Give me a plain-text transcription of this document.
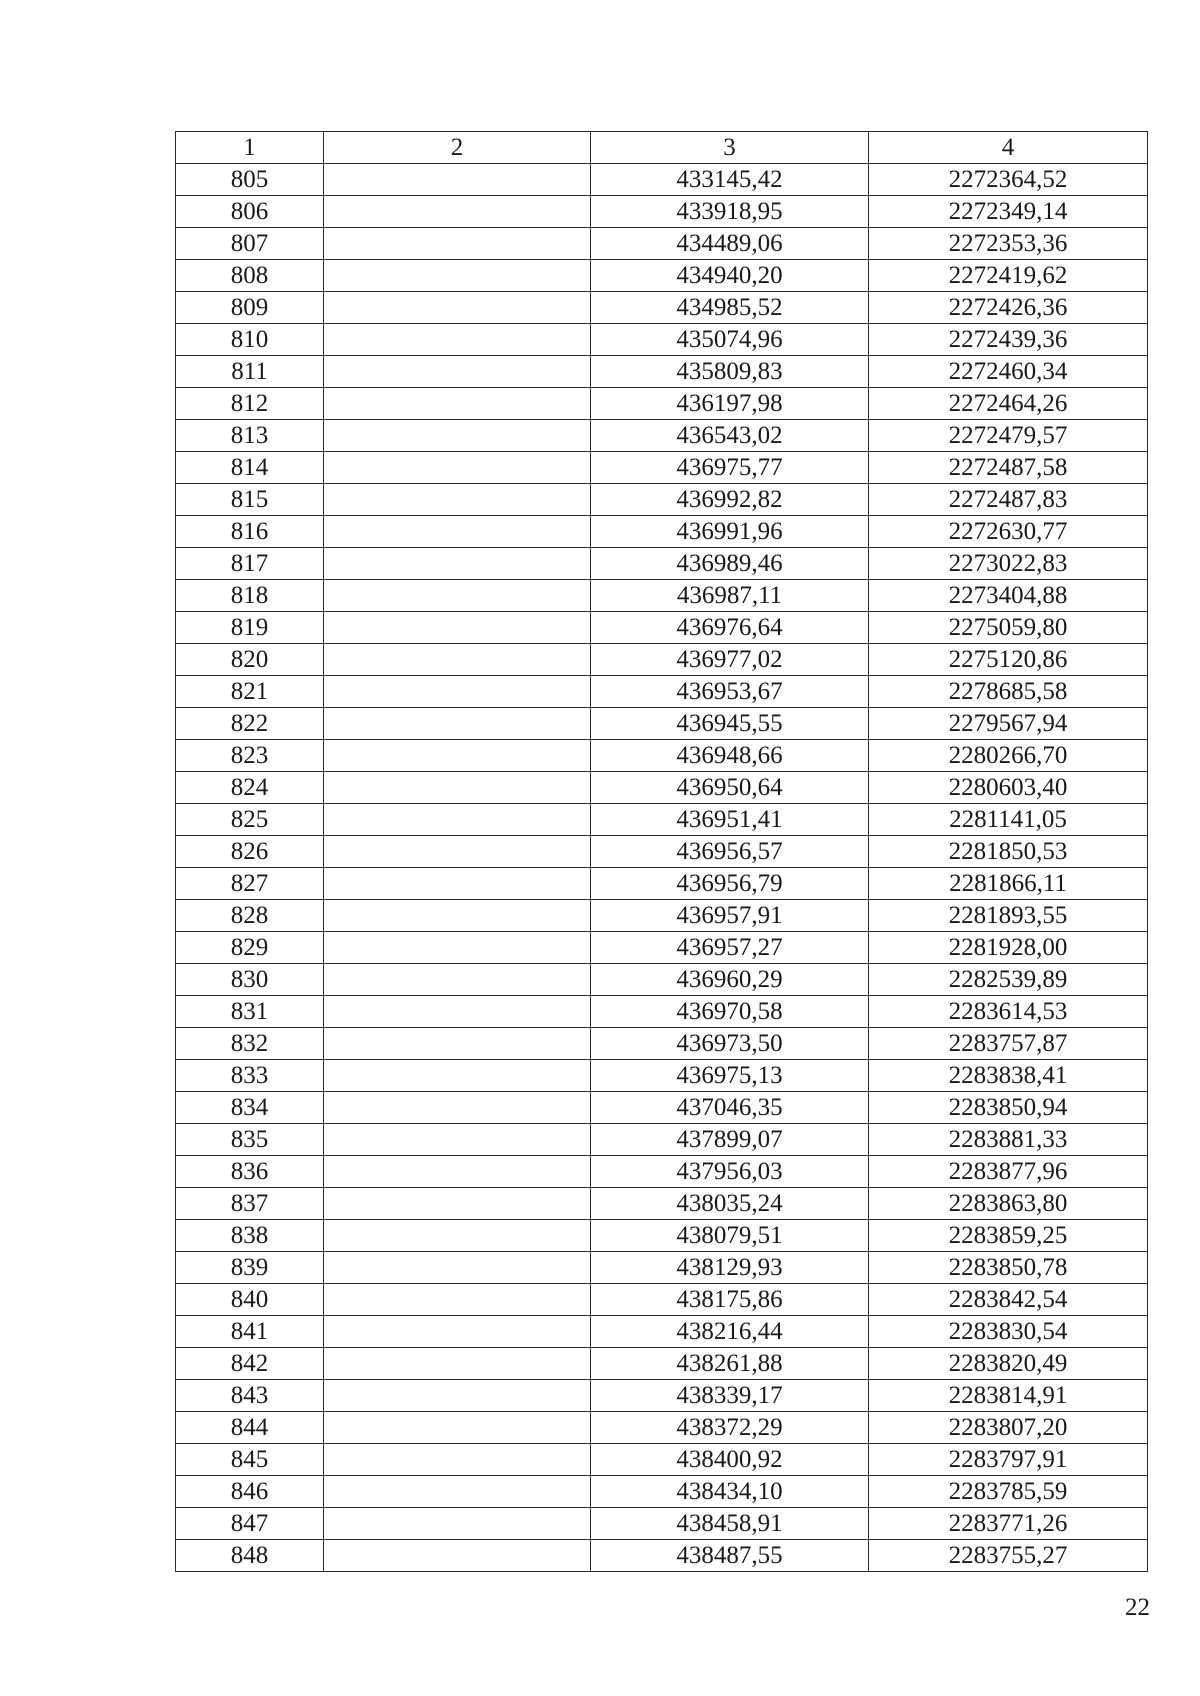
1	2	3	4
805		433145,42	2272364,52
806		433918,95	2272349,14
807		434489,06	2272353,36
808		434940,20	2272419,62
809		434985,52	2272426,36
810		435074,96	2272439,36
811		435809,83	2272460,34
812		436197,98	2272464,26
813		436543,02	2272479,57
814		436975,77	2272487,58
815		436992,82	2272487,83
816		436991,96	2272630,77
817		436989,46	2273022,83
818		436987,11	2273404,88
819		436976,64	2275059,80
820		436977,02	2275120,86
821		436953,67	2278685,58
822		436945,55	2279567,94
823		436948,66	2280266,70
824		436950,64	2280603,40
825		436951,41	2281141,05
826		436956,57	2281850,53
827		436956,79	2281866,11
828		436957,91	2281893,55
829		436957,27	2281928,00
830		436960,29	2282539,89
831		436970,58	2283614,53
832		436973,50	2283757,87
833		436975,13	2283838,41
834		437046,35	2283850,94
835		437899,07	2283881,33
836		437956,03	2283877,96
837		438035,24	2283863,80
838		438079,51	2283859,25
839		438129,93	2283850,78
840		438175,86	2283842,54
841		438216,44	2283830,54
842		438261,88	2283820,49
843		438339,17	2283814,91
844		438372,29	2283807,20
845		438400,92	2283797,91
846		438434,10	2283785,59
847		438458,91	2283771,26
848		438487,55	2283755,27
22
